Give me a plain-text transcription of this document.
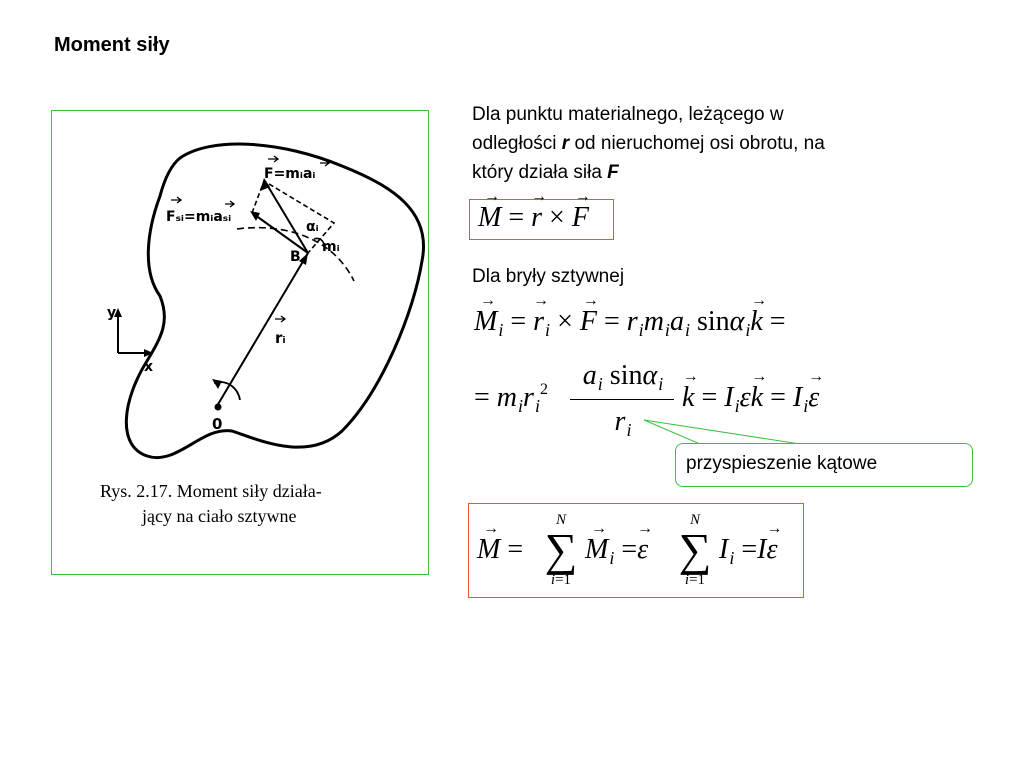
Moment siły
F=mᵢaᵢ
Fₛᵢ=mᵢaₛᵢ
αᵢ
mᵢ
B
rᵢ
y
x
0
Rys. 2.17. Moment siły działa-
jący na ciało sztywne
Dla punktu materialnego, leżącego w
odległości r od nieruchomej osi obrotu, na
który działa siła F
→ M = → r × → F
Dla bryły sztywnej
→ $M_i$ = → $r_i$ × → $F = r_im_ia_i$ sinα$_i$→ k =
= $m_ir_i^2$	$a_i$ sinα$_i$
$r_i$
→ $k = I_i\varepsilon\to k = I_i\to \varepsilon$
przyspieszenie kątowe
→ M =
N
∑
i=1
→ $M_i =\to \varepsilon$
N
∑
i=1
$I_i =I\to \varepsilon$
